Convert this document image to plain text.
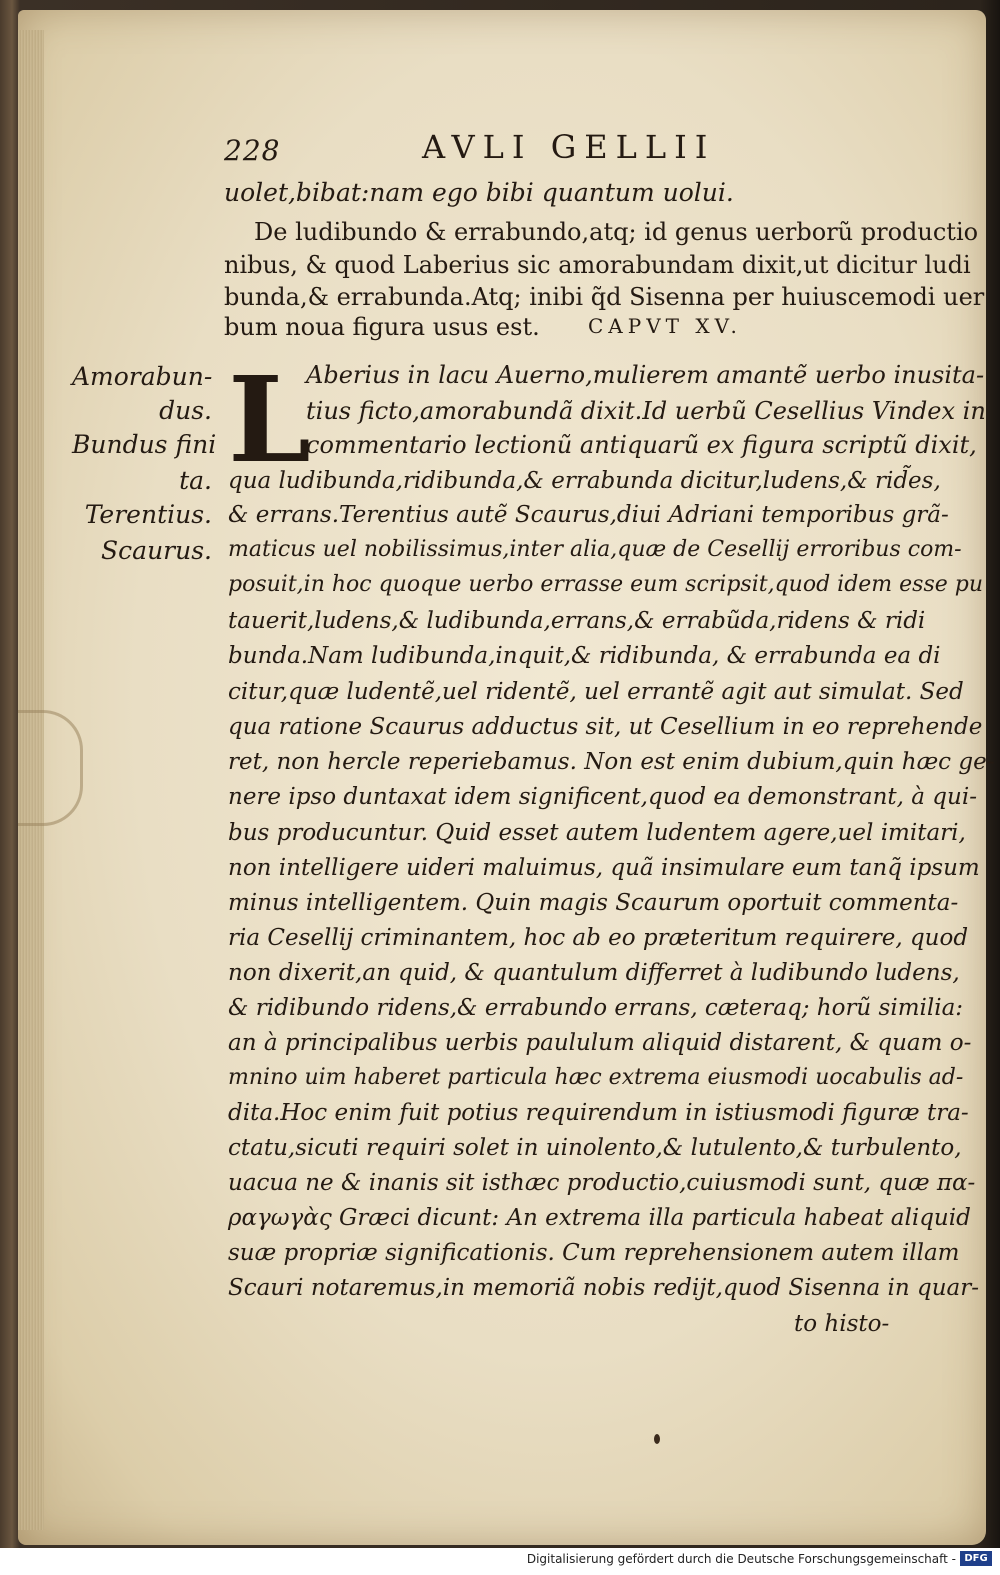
228	AVLI GELLII
uolet,bibat:nam ego bibi quantum uolui.
De ludibundo & errabundo,atq; id genus uerborũ productio
nibus, & quod Laberius sic amorabundam dixit,ut dicitur ludi
bunda,& errabunda.Atq; inibi q̃d Sisenna per huiuscemodi uer
bum noua figura usus est. CAPVT XV.
Amorabun-
dus.
Bundus fini
ta.
Terentius.
Scaurus.
L
Aberius in lacu Auerno,mulierem amantẽ uerbo inusita-
tius ficto,amorabundã dixit.Id uerbũ Cesellius Vindex in
commentario lectionũ antiquarũ ex figura scriptũ dixit,
qua ludibunda,ridibunda,& errabunda dicitur,ludens,& rid̃es,
& errans.Terentius autẽ Scaurus,diui Adriani temporibus grã-
maticus uel nobilissimus,inter alia,quæ de Cesellij erroribus com-
posuit,in hoc quoque uerbo errasse eum scripsit,quod idem esse pu
tauerit,ludens,& ludibunda,errans,& errabũda,ridens & ridi
bunda.Nam ludibunda,inquit,& ridibunda, & errabunda ea di
citur,quæ ludentẽ,uel ridentẽ, uel errantẽ agit aut simulat. Sed
qua ratione Scaurus adductus sit, ut Cesellium in eo reprehende
ret, non hercle reperiebamus. Non est enim dubium,quin hæc ge-
nere ipso duntaxat idem significent,quod ea demonstrant, à qui-
bus producuntur. Quid esset autem ludentem agere,uel imitari,
non intelligere uideri maluimus, quã insimulare eum tanq̃ ipsum
minus intelligentem. Quin magis Scaurum oportuit commenta-
ria Cesellij criminantem, hoc ab eo præteritum requirere, quod
non dixerit,an quid, & quantulum differret à ludibundo ludens,
& ridibundo ridens,& errabundo errans, cæteraq; horũ similia:
an à principalibus uerbis paululum aliquid distarent, & quam o-
mnino uim haberet particula hæc extrema eiusmodi uocabulis ad-
dita.Hoc enim fuit potius requirendum in istiusmodi figuræ tra-
ctatu,sicuti requiri solet in uinolento,& lutulento,& turbulento,
uacua ne & inanis sit isthæc productio,cuiusmodi sunt, quæ πα-
ραγωγὰς Græci dicunt: An extrema illa particula habeat aliquid
suæ propriæ significationis. Cum reprehensionem autem illam
Scauri notaremus,in memoriã nobis redijt,quod Sisenna in quar-
to histo-
Digitalisierung gefördert durch die Deutsche Forschungsgemeinschaft - DFG
